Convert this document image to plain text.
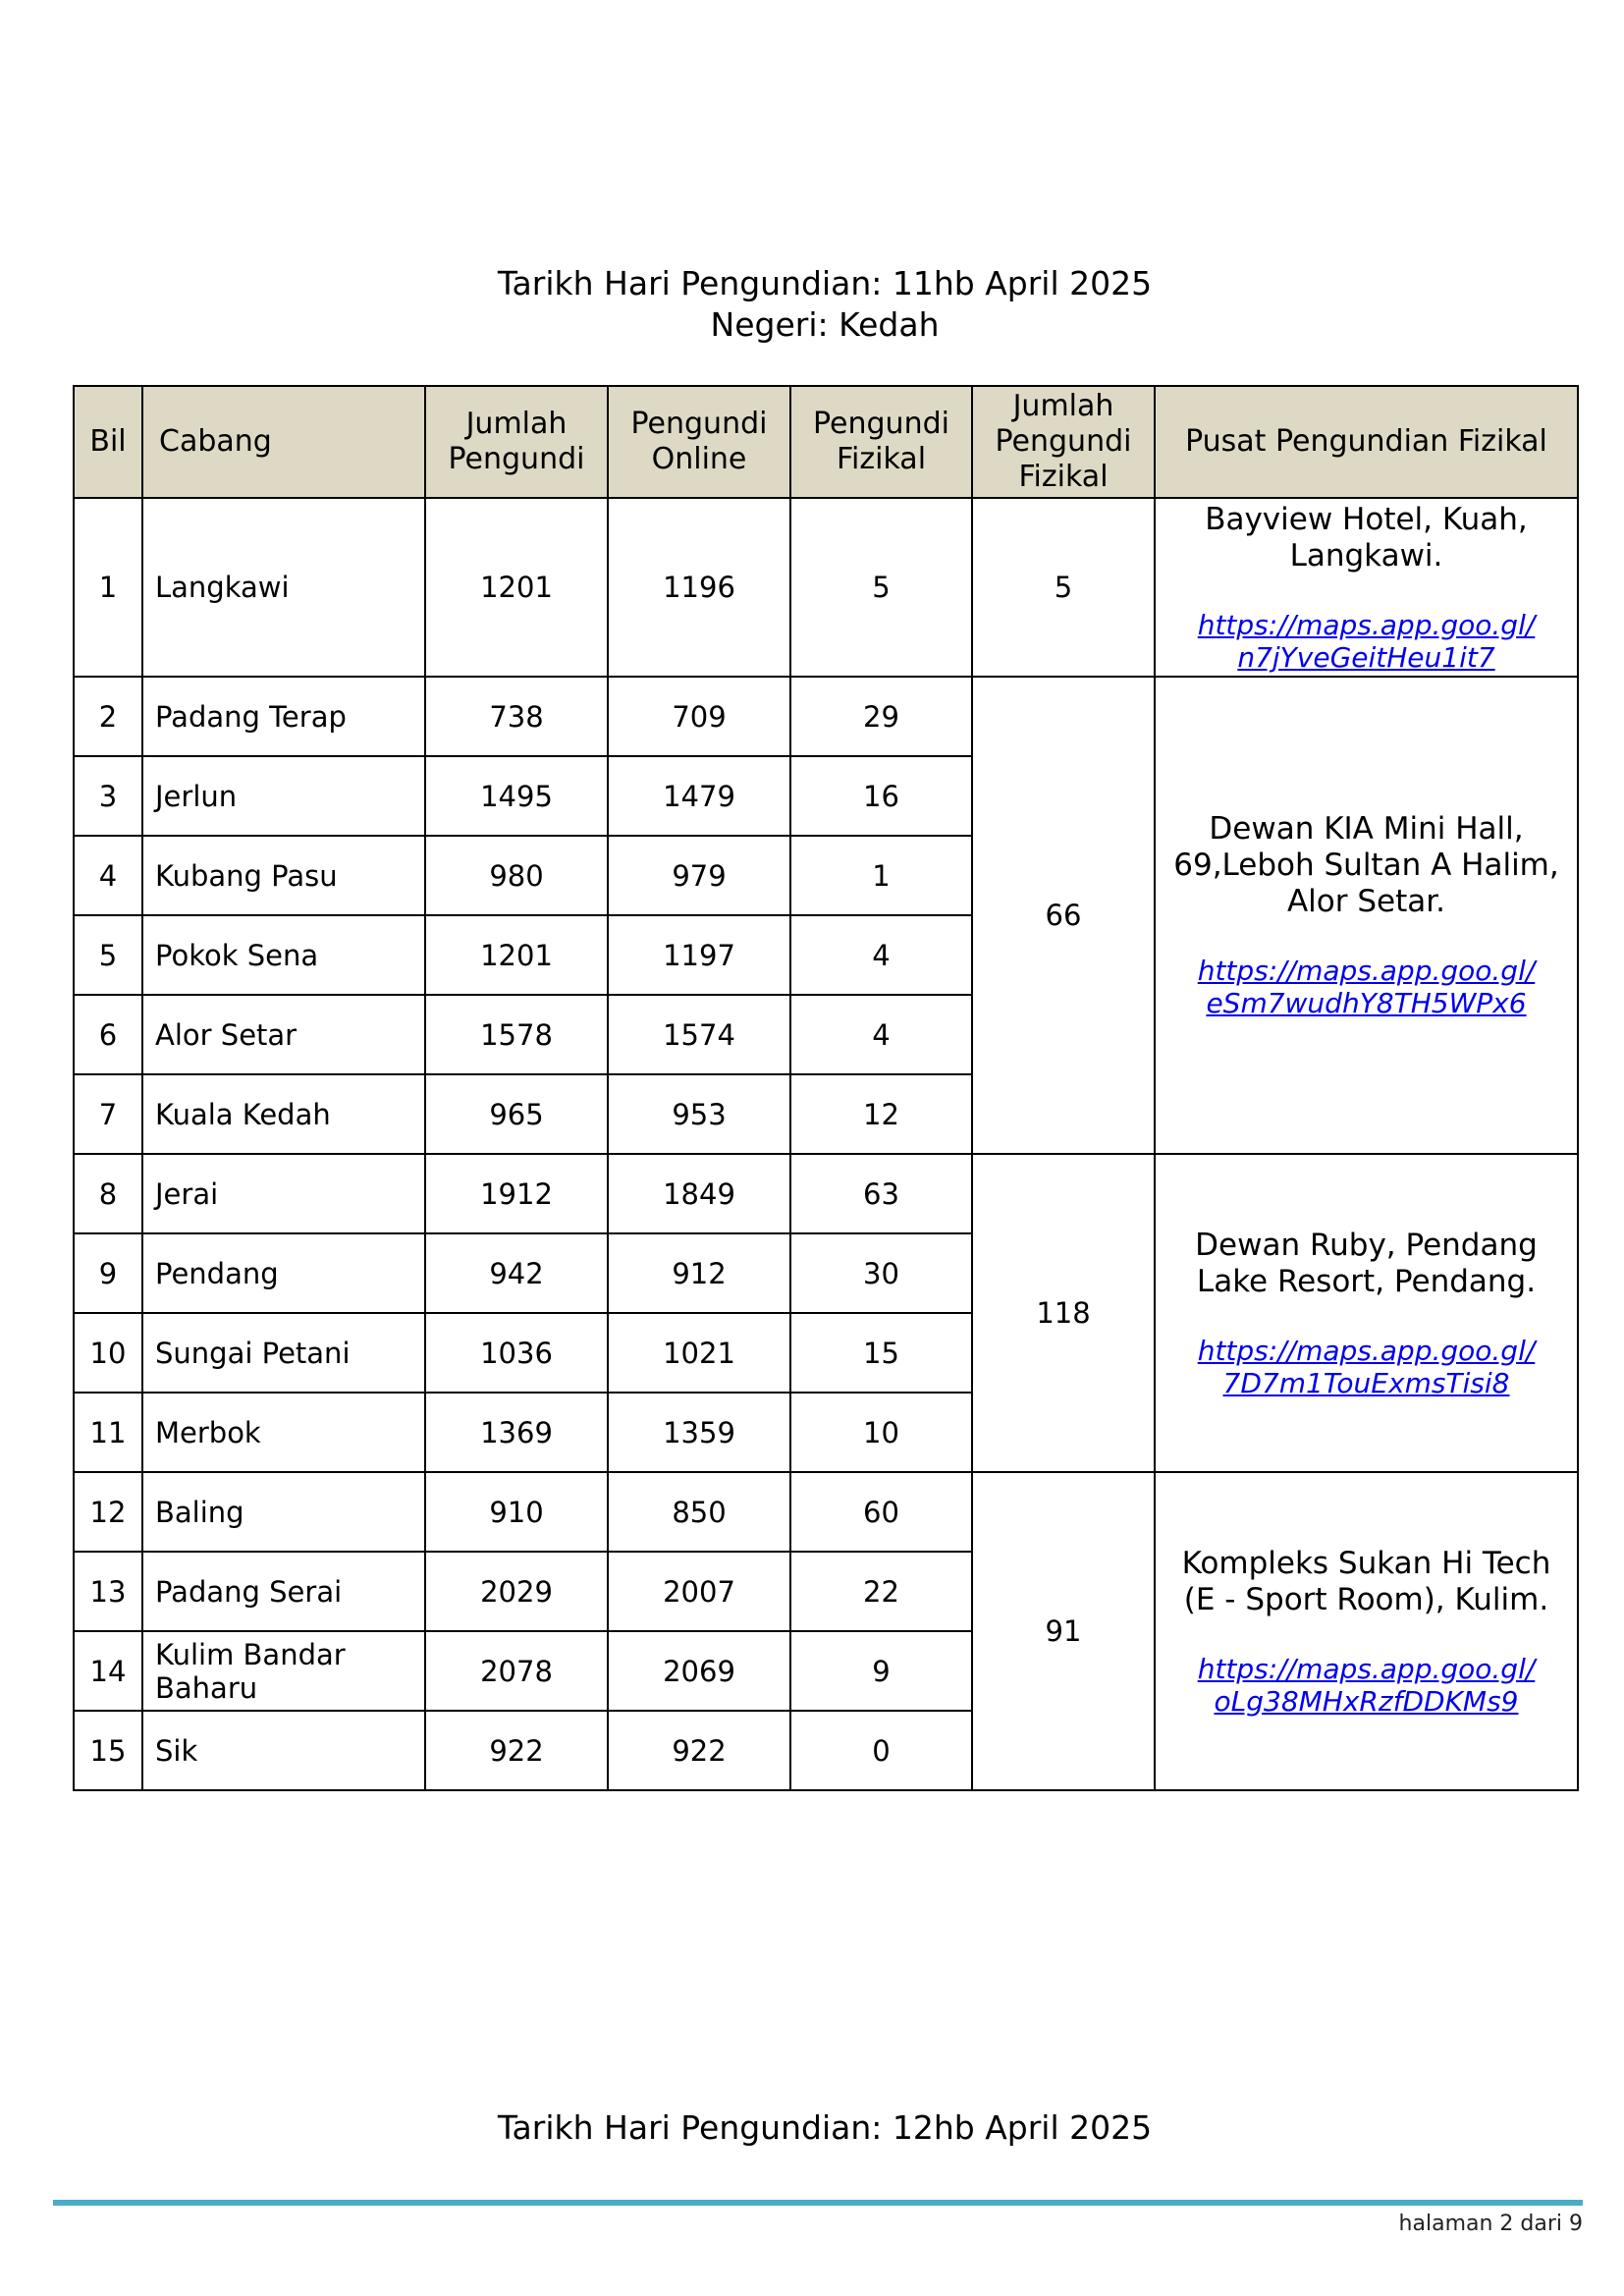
Tarikh Hari Pengundian: 11hb April 2025
Negeri: Kedah
Bil	Cabang	Jumlah Pengundi	Pengundi Online	Pengundi Fizikal	Jumlah Pengundi Fizikal	Pusat Pengundian Fizikal
1	Langkawi	1201	1196	5	5	Bayview Hotel, Kuah, Langkawi.
https://maps.app.goo.gl/
n7jYveGeitHeu1it7

2	Padang Terap	738	709	29	66	Dewan KIA Mini Hall, 69,Leboh Sultan A Halim, Alor Setar.
https://maps.app.goo.gl/
eSm7wudhY8TH5WPx6

3	Jerlun	1495	1479	16		
4	Kubang Pasu	980	979	1		
5	Pokok Sena	1201	1197	4		
6	Alor Setar	1578	1574	4		
7	Kuala Kedah	965	953	12		
8	Jerai	1912	1849	63	118	Dewan Ruby, Pendang Lake Resort, Pendang.
https://maps.app.goo.gl/
7D7m1TouExmsTisi8

9	Pendang	942	912	30		
10	Sungai Petani	1036	1021	15		
11	Merbok	1369	1359	10		
12	Baling	910	850	60	91	Kompleks Sukan Hi Tech (E - Sport Room), Kulim.
https://maps.app.goo.gl/
oLg38MHxRzfDDKMs9

13	Padang Serai	2029	2007	22		
14	Kulim Bandar Baharu	2078	2069	9		
15	Sik	922	922	0		
Tarikh Hari Pengundian: 12hb April 2025
halaman 2 dari 9
